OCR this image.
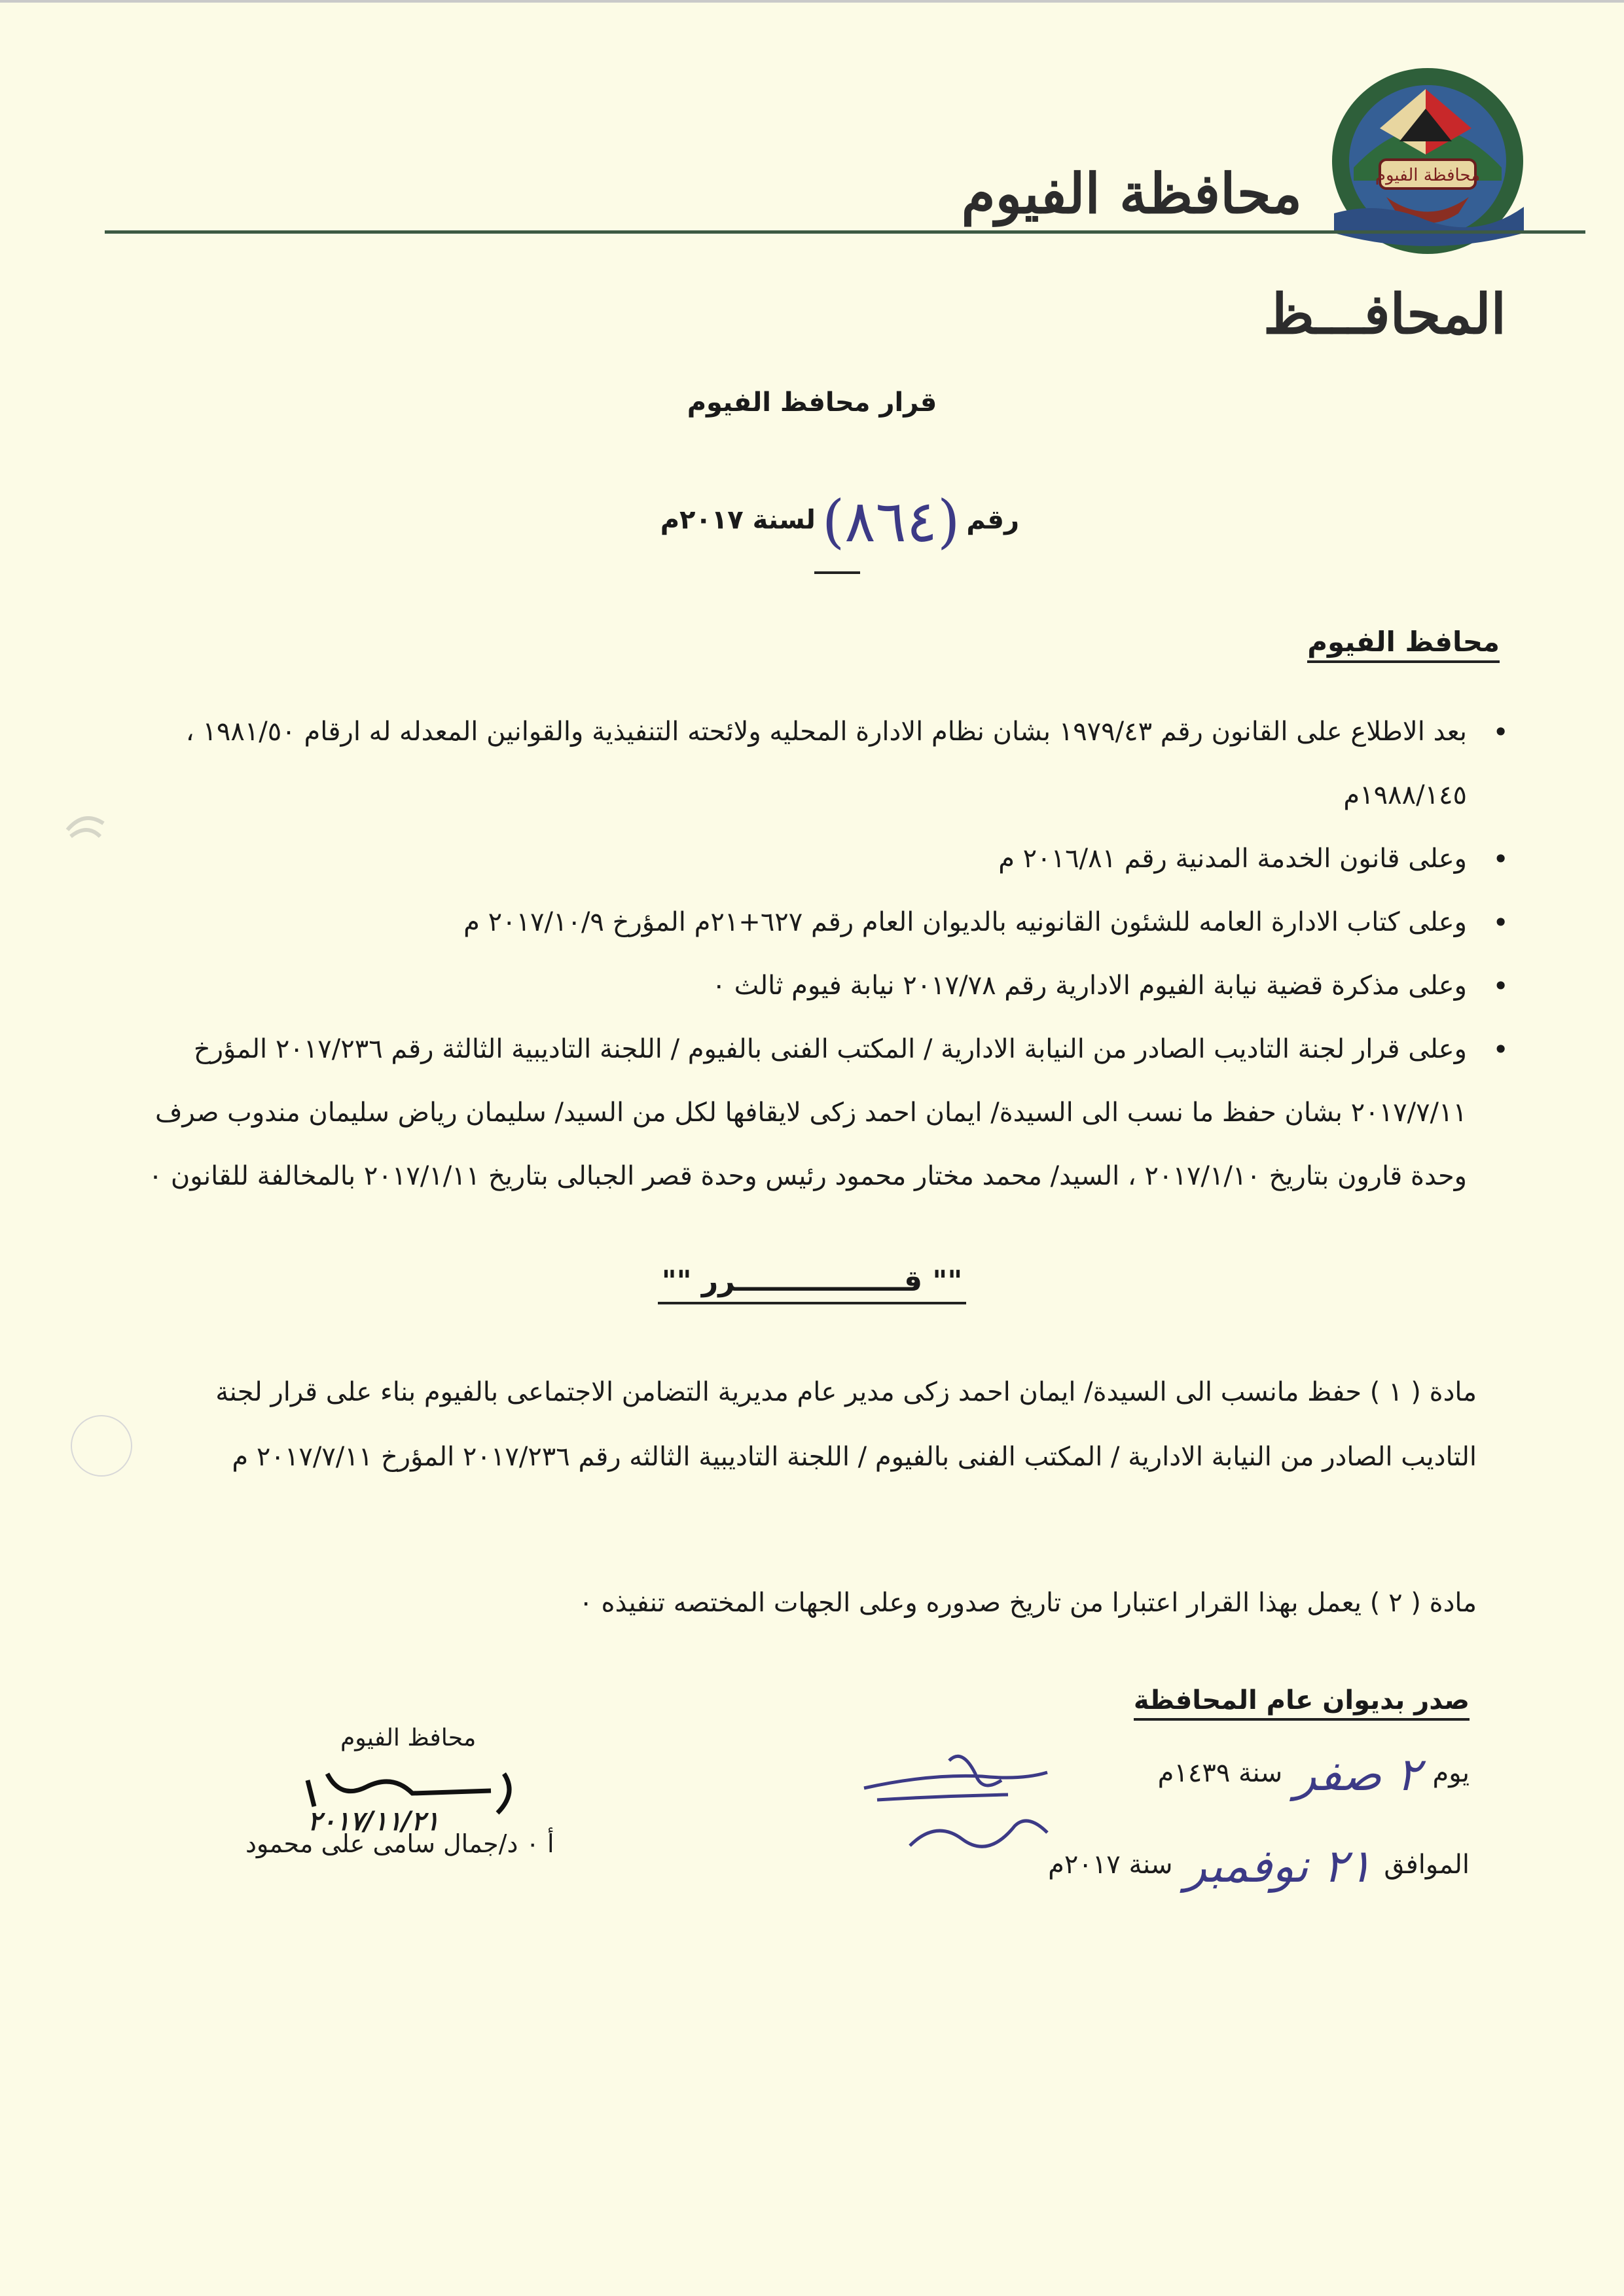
محافظة الفيوم
محافظة الفيوم
المحافـــظ
قرار محافظ الفيوم
رقم(٨٦٤)لسنة ٢٠١٧م
محافظ الفيوم

• بعد الاطلاع على القانون رقم ١٩٧٩/٤٣ بشان نظام الادارة المحليه ولائحته التنفيذية والقوانين المعدله له ارقام ١٩٨١/٥٠ ، ١٩٨٨/١٤٥م

• وعلى قانون الخدمة المدنية رقم ٢٠١٦/٨١ م

• وعلى كتاب الادارة العامه للشئون القانونيه بالديوان العام رقم ٦٢٧+٢١م المؤرخ ٢٠١٧/١٠/٩ م

• وعلى مذكرة قضية نيابة الفيوم الادارية رقم ٢٠١٧/٧٨ نيابة فيوم ثالث ٠

• وعلى قرار لجنة التاديب الصادر من النيابة الادارية / المكتب الفنى بالفيوم / اللجنة التاديبية الثالثة رقم ٢٠١٧/٢٣٦ المؤرخ ٢٠١٧/٧/١١ بشان حفظ ما نسب الى السيدة/ ايمان احمد زكى لايقافها لكل من السيد/ سليمان رياض سليمان مندوب صرف وحدة قارون بتاريخ ٢٠١٧/١/١٠ ، السيد/ محمد مختار محمود رئيس وحدة قصر الجبالى بتاريخ ٢٠١٧/١/١١ بالمخالفة للقانون ٠

"" قـــــــــــــــــرر ""
مادة ( ١ ) حفظ مانسب الى السيدة/ ايمان احمد زكى مدير عام مديرية التضامن الاجتماعى بالفيوم بناء على قرار لجنة التاديب الصادر من النيابة الادارية / المكتب الفنى بالفيوم / اللجنة التاديبية الثالثه رقم ٢٠١٧/٢٣٦ المؤرخ ٢٠١٧/٧/١١ م
مادة ( ٢ ) يعمل بهذا القرار اعتبارا من تاريخ صدوره وعلى الجهات المختصه تنفيذه ٠
صدر بديوان عام المحافظة
يوم٢ صفرسنة ١٤٣٩م
الموافق٢١ نوفمبرسنة ٢٠١٧م
محافظ الفيوم
٢٠١٧/١١/٢١
أ ٠ د/جمال سامى على محمود
